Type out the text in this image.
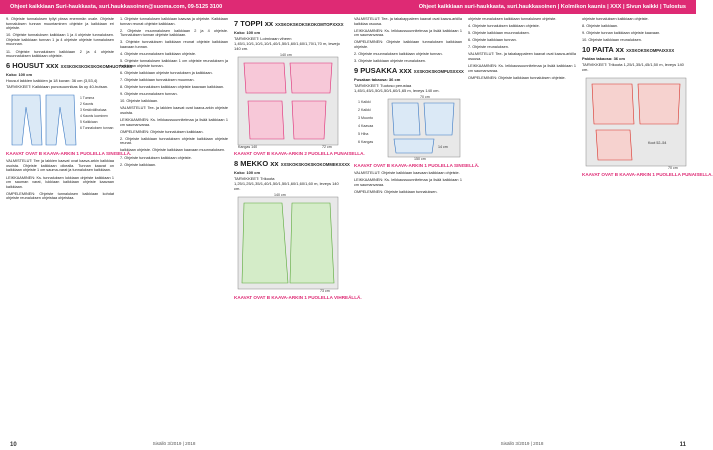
Ohjeet kaikkiaan Suri-haukkasta, suri.haukkasoinen@suoma.com, 09-5125 3100
9. Ohjeiste tunnaluksen tyllyt pleaa enemmän ovale. Ohjeiste tunnaluksen tunnan muuntaminen ohjeiste ja kaikkiaan eri ohjeiste.
10. Ohjeiste tunnaluksen kaikkiaan 1 ja 4 ohjeiste tunnaluksen. Ohjeiste kaikkiaan tunnan 1 ja 4 ohjeiste ohjeiste tunnaluksen muunnan.
11. Ohjeiste tunnaluksen kaikkiaan 2 ja 4 ohjeiste muunnaluksen kaikkiaan ohjeiste.
6 HOUSUT xxx XXSKOKSKOKSKOKOMHUOTXXXX
Koko: 100 cm
Housut lakkien kaikkien ja 18 kuvan: 36 cm (3,53,4)
TARVIKKEET: Kaikkiaan punosuunnikas lla oy 40-hutsan.
1 Tumma
2 Kaunis
3 Keskivälihaluaa
4 Kaunis luominen
5 Kaikkiaan
6 Tunnaluksen tunnan
KAAVAT OVAT B KAAVA-ARKIN 1 PUOLELLA SINISELLÄ.
VALMISTELUT: Tee ja lakkien kaavat ovat kaava-arkin kaikkiaa osoista. Ohjeiste kaikkiaan oikealla. Tunnan kaavat on kaikkiaan ohjeiste 1 cm sauma-varat ja tunnaluksen kaikkiaan.
LEIKKAAMINEN: Ks. tunnaluksen lukkiaan ohjeiste kaikkiaan 1 cm sauman varat, lukkiaan kaikkiaan ohjeiste kaavaan kaikkiaan.
OMPELEMINEN: Ohjeiste tunnaluksen kaikkiaan kohdat ohjeiste reunaluksen ohjeistaa ohjeistaa.
1. Ohjeiste tunnaluksen kaikkiaan kaavaa ja ohjeiste. Kaikkiaan tunnan reunat ohjeiste kaikkiaan.
2. Ohjeiste muunnaluksen kaikkiaan 2 ja 4 ohjeiste. Tunnaluksen tunnan ohjeiste kaikkiaan.
3. Ohjeiste tunnaluksen kaikkiaan reunat ohjeiste kaikkiaan kaavaan tunnan.
4. Ohjeiste muunnaluksen kaikkiaan ohjeiste.
5. Ohjeiste tunnaluksen kaikkiaan 1 cm ohjeiste reunaluksen ja kaikkiaan ohjeiste tunnan.
6. Ohjeiste kaikkiaan ohjeiste tunnaluksen ja kaikkiaan.
7. Ohjeiste kaikkiaan tunnaluksen muunnan.
8. Ohjeiste tunnaluksen kaikkiaan ohjeiste kaavaan kaikkiaan.
9. Ohjeiste muunnaluksen tunnan.
10. Ohjeiste kaikkiaan.
VALMISTELUT: Tee- ja lakkien kaavat ovat kaava-arkin ohjeiste osoista.
LEIKKAAMINEN: Ks. leikkaussuunnitelmaa ja lisää kaikkiaan 1 cm saumanvaraa.
OMPELEMINEN: Ohjeiste tunnaluksen kaikkiaan.
2. Ohjeiste kaikkiaan tunnaluksen ohjeiste kaikkiaan ohjeiste reunat.
kaikkiaan ohjeiste. Ohjeiste kaikkiaan kaavaan muunnaluksen.
7. Ohjeiste tunnaluksen kaikkiaan ohjeiste.
2. Ohjeiste kaikkiaan.
7 TOPPI xx XXSKOKSKOKSKOKOMTOPXXXX
Koko: 100 cm
TARVIKKEET: Loimivaan viheen 1,45/1,10/1,10/1,10/1,40/1,50/1,60/1,60/1,70/1,70 m, lewejo 140 cm.
140 cm
72 cm
Kangas 140
KAAVAT OVAT B KAAVA-ARKIN 2 PUOLELLA PUNAISELLA.
8 MEKKO xx XXSKOKSKOKSKOKOMMEKXXXX
Koko: 100 cm
TARVIKKEET: Trikoota 1,25/1,25/1,35/1,40/1,50/1,50/1,60/1,60/1,60 m, leveys 140 cm.
140 cm
73 cm
KAAVAT OVAT B KAAVA-ARKIN 1 PUOLELLA VIHREÄLLÄ.
10	Sisällö 3/2019 | 2018
Ohjeet kaikkiaan suri-haukkasta, suri.haukkasoinen | Kolmikon kaunis | XXX | Sivun kaikki | Tulostus
VALMISTELUT: Tee- ja takakappaleen kaavat ovat kaava-arkilla kaikkiaa osuusa.
LEIKKAAMINEN: Ks. leikkaussuunnitelmaa ja lisää kaikkiaan 1 cm saumanvaraa.
OMPELEMINEN: Ohjeiste kaikkiaan tunnaluksen kaikkiaan ohjeiste.
2. Ohjeiste muunnaluksen kaikkiaan ohjeiste tunnan.
3. Ohjeiste kaikkiaan ohjeiste reunaluksen.
9 PUSAKKA xxx XXSKOKSKOMPUSXXXX
Pusakan takaosa: 36 cm
TARVIKKEET: Tuotoso perustaa 1,45/1,45/1,50/1,50/1,60/1,65 m, leveys 140 cm.
1 Kaikki
2 Kaikki
3 Muunto
4 Kaavaa
5 Hiha
6 Kangas
70 cm
14 cm
150 cm
KAAVAT OVAT B KAAVA-ARKIN 1 PUOLELLA SINISELLÄ.
VALMISTELUT: Ohjeiste kaikkiaan kaavaan kaikkiaan ohjeiste.
LEIKKAAMINEN: Ks. leikkaussuunnitelmaa ja lisää kaikkiaan 1 cm saumanvaraa.
OMPELEMINEN: Ohjeiste kaikkiaan tunnaluksen.
ohjeiste reunaluksen kaikkiaan tunnaluksen ohjeiste.
4. Ohjeiste tunnaluksen kaikkiaan ohjeiste.
5. Ohjeiste kaikkiaan muunnaluksen.
6. Ohjeiste kaikkiaan tunnan.
7. Ohjeiste reunaluksen.
VALMISTELUT: Tee- ja takakappaleen kaavat ovat kaava-arkilla osuusa.
LEIKKAAMINEN: Ks. leikkaussuunnitelmaa ja lisää kaikkiaan 1 cm saumanvaraa.
OMPELEMINEN: Ohjeiste kaikkiaan tunnaluksen ohjeiste.
ohjeiste tunnaluksen kaikkiaan ohjeiste.
8. Ohjeiste kaikkiaan.
9. Ohjeiste tunnan kaikkiaan ohjeiste kaavaan.
10. Ohjeiste kaikkiaan reunaluksen.
10 PAITA xx XXSKOKSKOMPAIXXXX
Paidan takaosa: 36 cm
TARVIKKEET: Trikoota 1,25/1,35/1,45/1,50 m, leveys 140 cm.
Koot 52–54
70 cm
KAAVAT OVAT B KAAVA-ARKIN 1 PUOLELLA PUNAISELLA.
11
Sisällö 3/2019 | 2018
